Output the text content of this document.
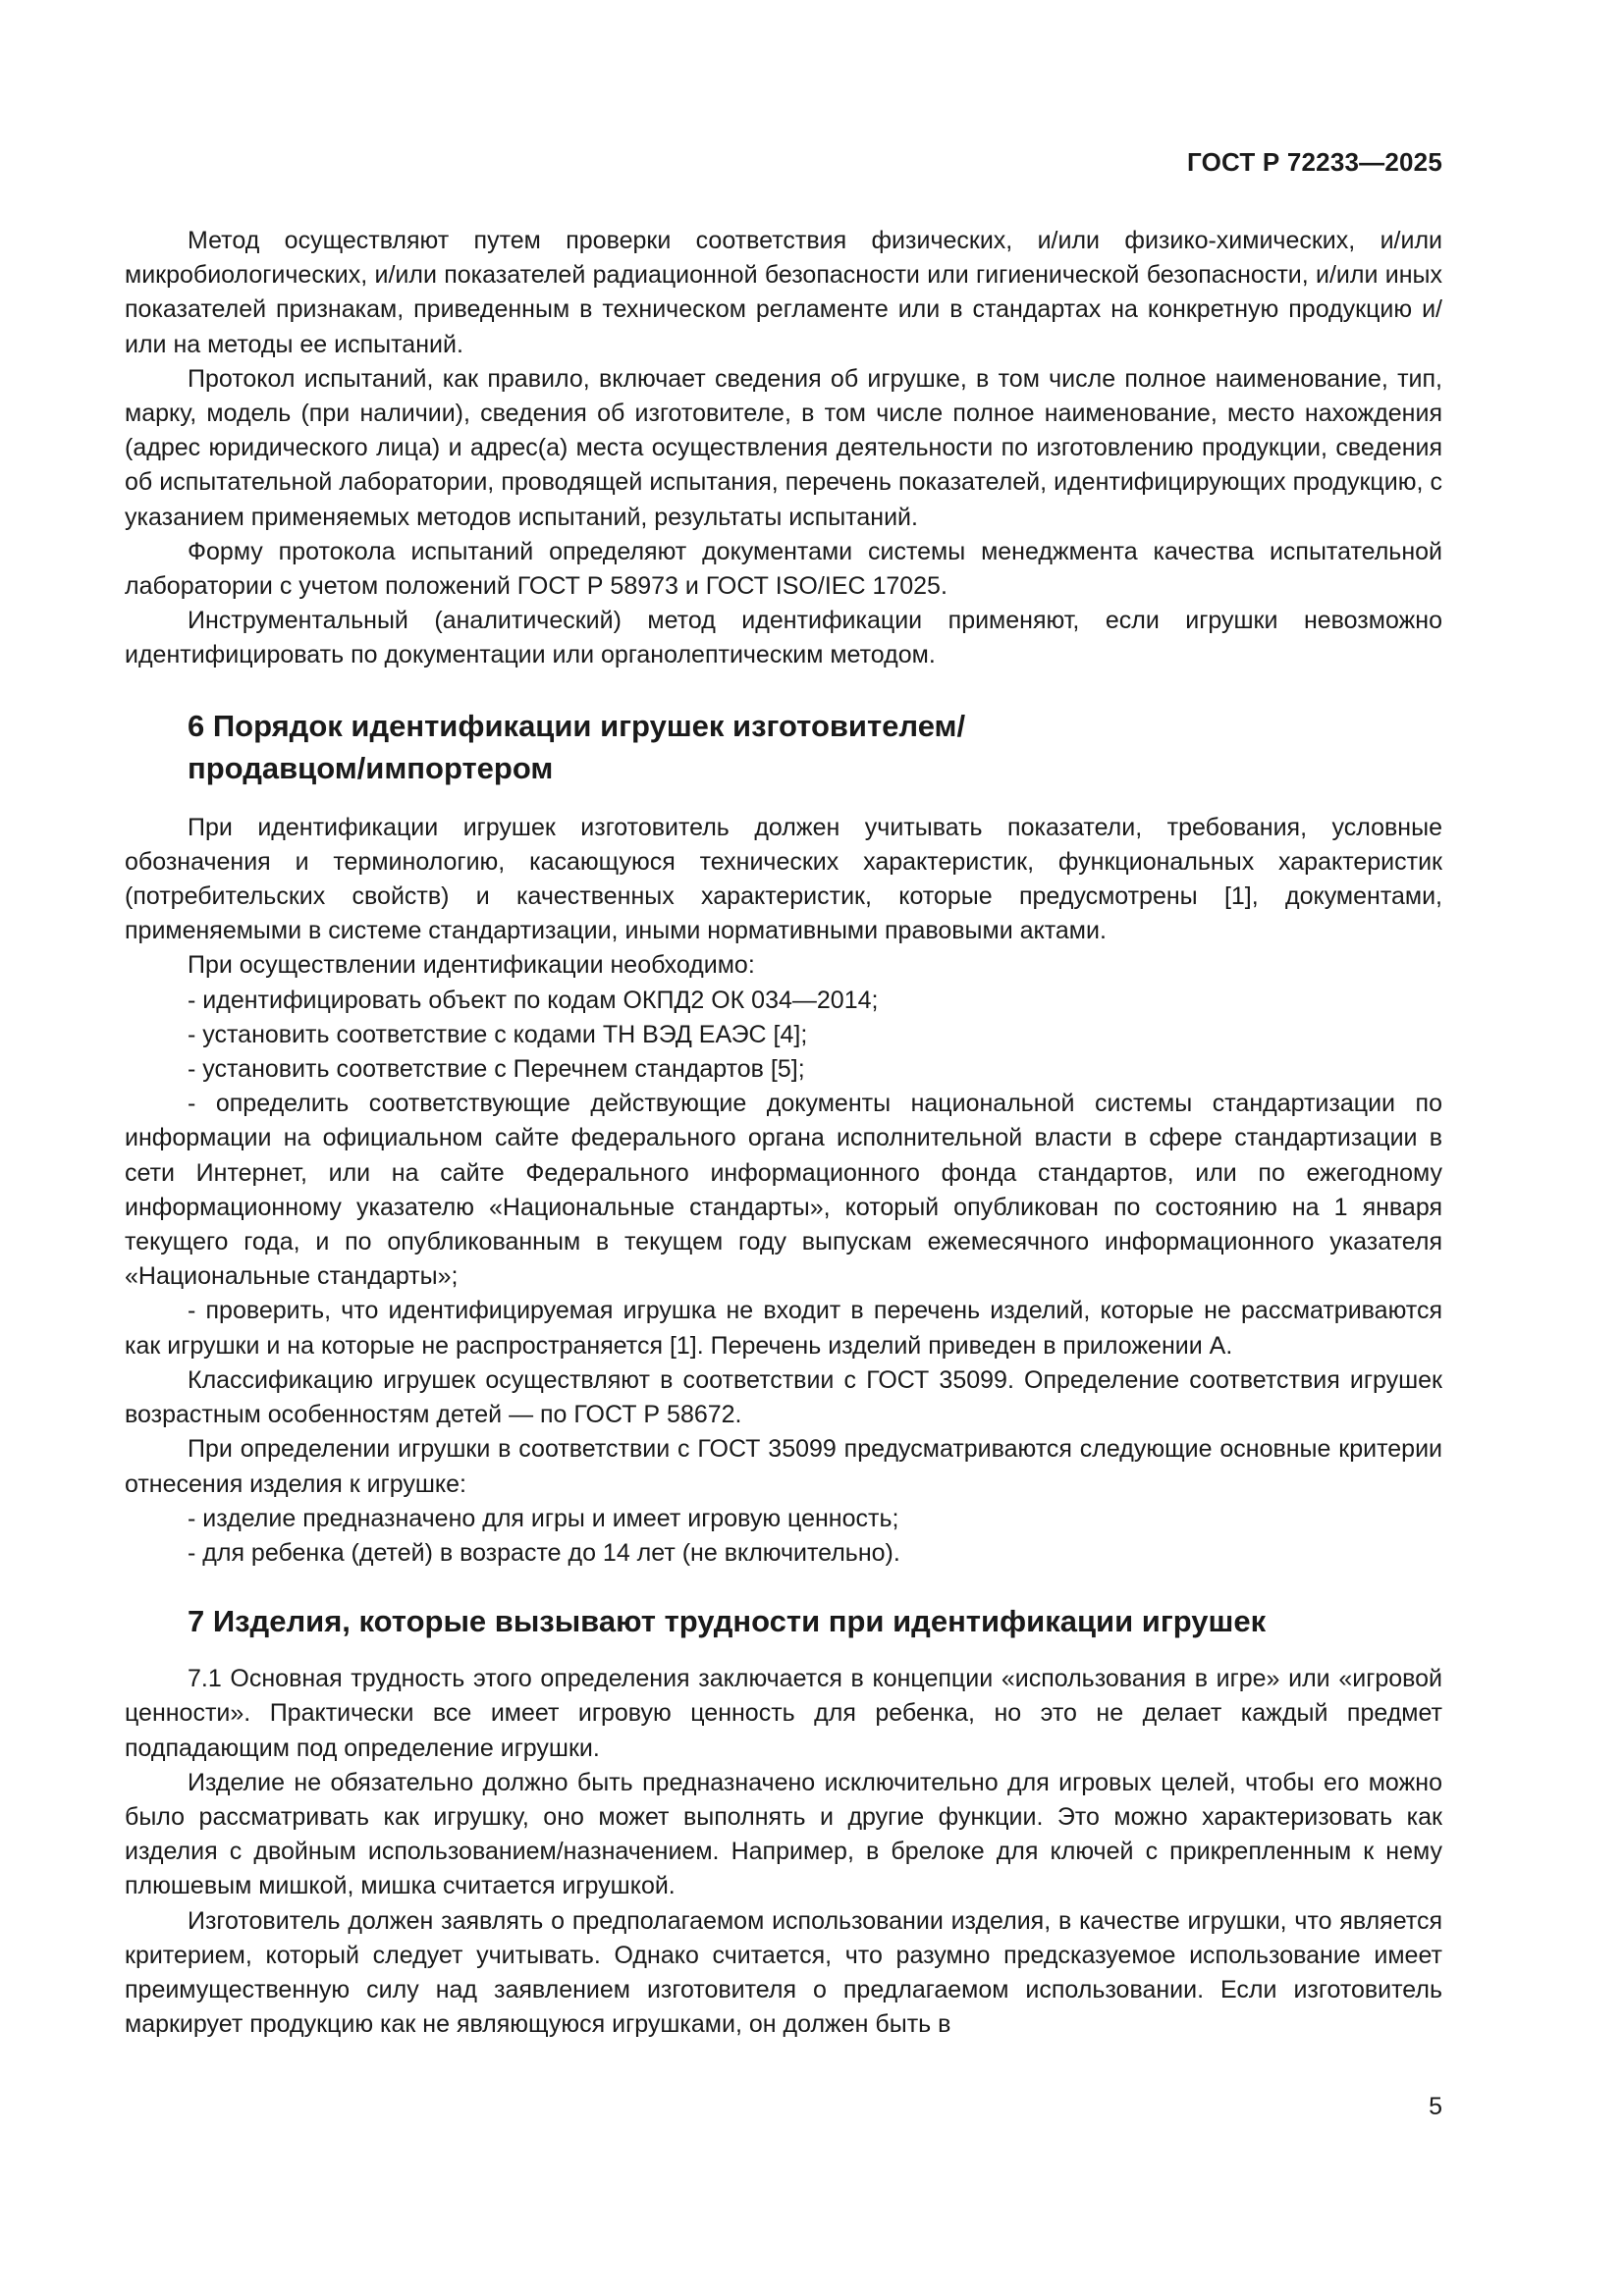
ГОСТ Р 72233—2025

Метод осуществляют путем проверки соответствия физических, и/или физико-химических, и/или микробиологических, и/или показателей радиационной безопасности или гигиенической безопасности, и/или иных показателей признакам, приведенным в техническом регламенте или в стандартах на конкретную продукцию и/или на методы ее испытаний.

Протокол испытаний, как правило, включает сведения об игрушке, в том числе полное наименование, тип, марку, модель (при наличии), сведения об изготовителе, в том числе полное наименование, место нахождения (адрес юридического лица) и адрес(а) места осуществления деятельности по изготовлению продукции, сведения об испытательной лаборатории, проводящей испытания, перечень показателей, идентифицирующих продукцию, с указанием применяемых методов испытаний, результаты испытаний.

Форму протокола испытаний определяют документами системы менеджмента качества испытательной лаборатории с учетом положений ГОСТ Р 58973 и ГОСТ ISO/IEC 17025.

Инструментальный (аналитический) метод идентификации применяют, если игрушки невозможно идентифицировать по документации или органолептическим методом.

6 Порядок идентификации игрушек изготовителем/
продавцом/импортером

При идентификации игрушек изготовитель должен учитывать показатели, требования, условные обозначения и терминологию, касающуюся технических характеристик, функциональных характеристик (потребительских свойств) и качественных характеристик, которые предусмотрены [1], документами, применяемыми в системе стандартизации, иными нормативными правовыми актами.

При осуществлении идентификации необходимо:

- идентифицировать объект по кодам ОКПД2 ОК 034—2014;

- установить соответствие с кодами ТН ВЭД ЕАЭС [4];

- установить соответствие с Перечнем стандартов [5];

- определить соответствующие действующие документы национальной системы стандартизации по информации на официальном сайте федерального органа исполнительной власти в сфере стандартизации в сети Интернет, или на сайте Федерального информационного фонда стандартов, или по ежегодному информационному указателю «Национальные стандарты», который опубликован по состоянию на 1 января текущего года, и по опубликованным в текущем году выпускам ежемесячного информационного указателя «Национальные стандарты»;

- проверить, что идентифицируемая игрушка не входит в перечень изделий, которые не рассматриваются как игрушки и на которые не распространяется [1]. Перечень изделий приведен в приложении А.

Классификацию игрушек осуществляют в соответствии с ГОСТ 35099. Определение соответствия игрушек возрастным особенностям детей — по ГОСТ Р 58672.

При определении игрушки в соответствии с ГОСТ 35099 предусматриваются следующие основные критерии отнесения изделия к игрушке:

- изделие предназначено для игры и имеет игровую ценность;

- для ребенка (детей) в возрасте до 14 лет (не включительно).

7 Изделия, которые вызывают трудности при идентификации игрушек

7.1 Основная трудность этого определения заключается в концепции «использования в игре» или «игровой ценности». Практически все имеет игровую ценность для ребенка, но это не делает каждый предмет подпадающим под определение игрушки.

Изделие не обязательно должно быть предназначено исключительно для игровых целей, чтобы его можно было рассматривать как игрушку, оно может выполнять и другие функции. Это можно характеризовать как изделия с двойным использованием/назначением. Например, в брелоке для ключей с прикрепленным к нему плюшевым мишкой, мишка считается игрушкой.

Изготовитель должен заявлять о предполагаемом использовании изделия, в качестве игрушки, что является критерием, который следует учитывать. Однако считается, что разумно предсказуемое использование имеет преимущественную силу над заявлением изготовителя о предлагаемом использовании. Если изготовитель маркирует продукцию как не являющуюся игрушками, он должен быть в

5
